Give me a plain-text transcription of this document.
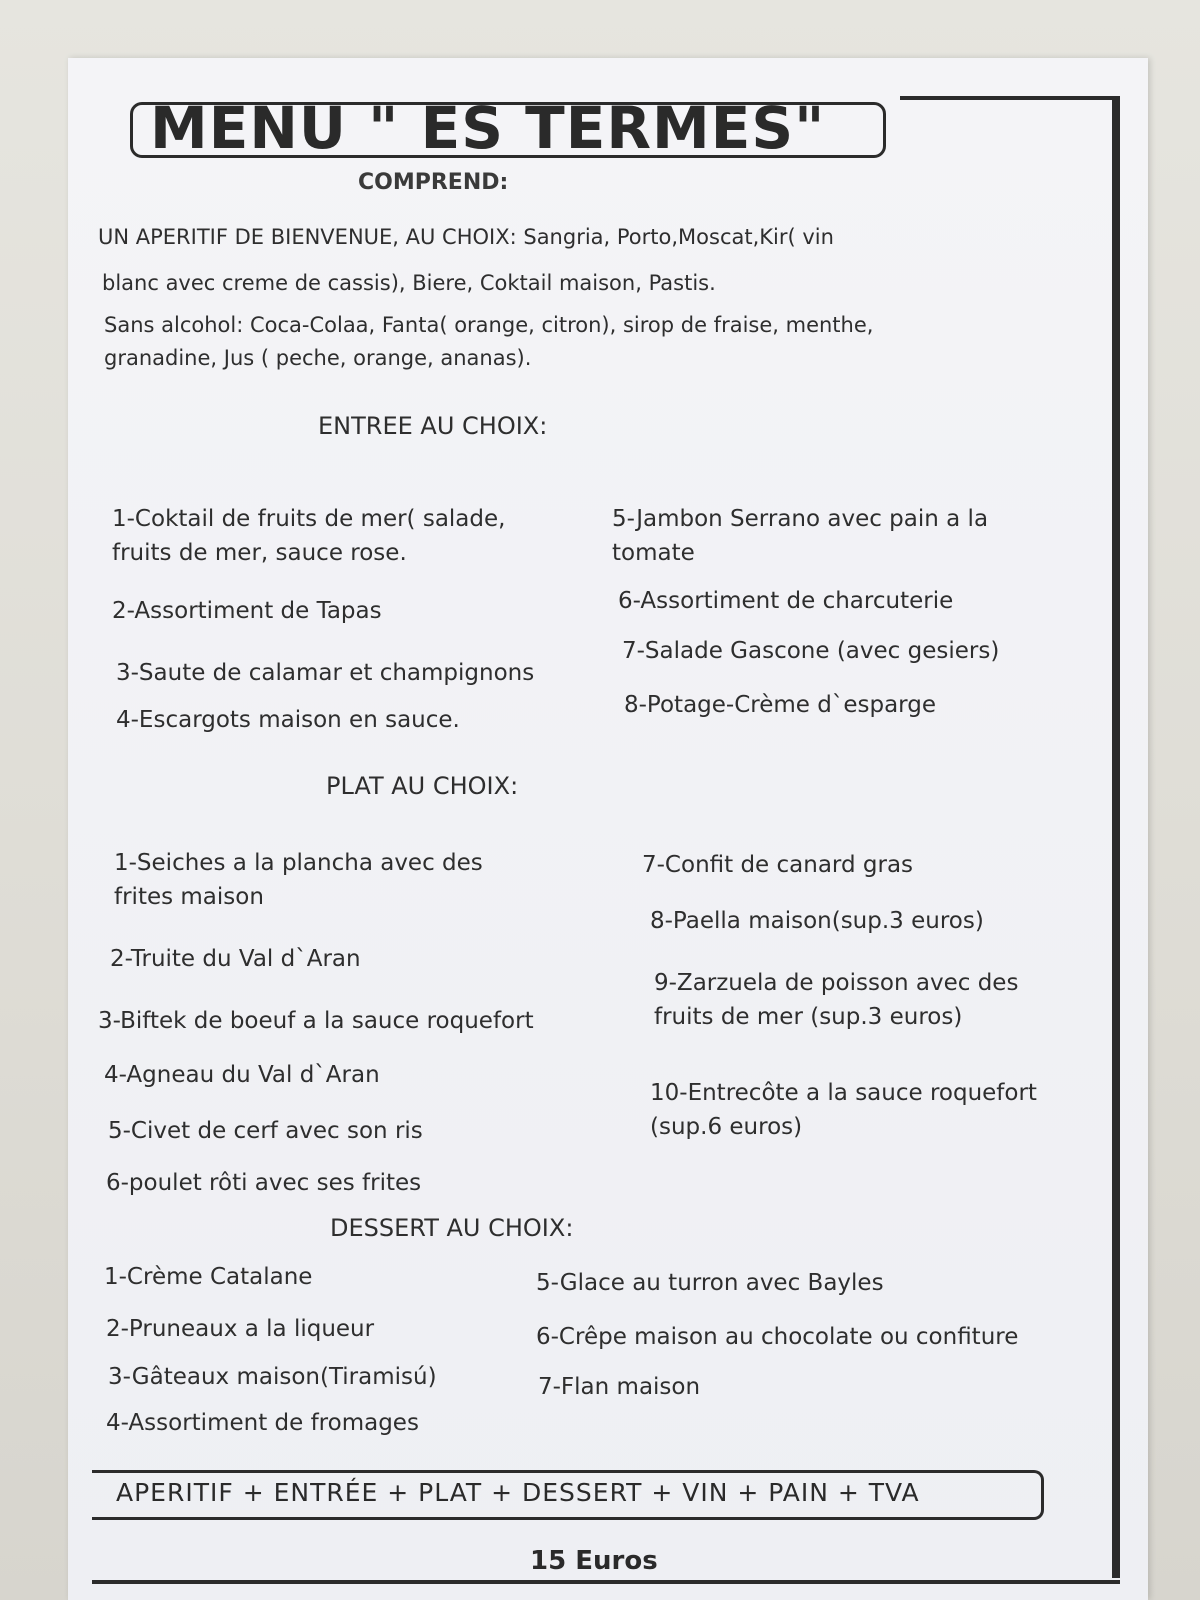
MENU " ES TERMES"
COMPREND:
UN APERITIF DE BIENVENUE, AU CHOIX: Sangria, Porto,Moscat,Kir( vin
blanc avec creme de cassis), Biere, Coktail maison, Pastis.
Sans alcohol: Coca-Colaa, Fanta( orange, citron), sirop de fraise, menthe,
granadine, Jus ( peche, orange, ananas).
ENTREE AU CHOIX:
1-Coktail de fruits de mer( salade,
fruits de mer, sauce rose.
2-Assortiment de Tapas
3-Saute de calamar et champignons
4-Escargots maison en sauce.
5-Jambon Serrano avec pain a la
tomate
6-Assortiment de charcuterie
7-Salade Gascone (avec gesiers)
8-Potage-Crème d`esparge
PLAT AU CHOIX:
1-Seiches a la plancha avec des
frites maison
2-Truite du Val d`Aran
3-Biftek de boeuf a la sauce roquefort
4-Agneau du Val d`Aran
5-Civet de cerf avec son ris
6-poulet rôti avec ses frites
7-Confit de canard gras
8-Paella maison(sup.3 euros)
9-Zarzuela de poisson avec des
fruits de mer (sup.3 euros)
10-Entrecôte a la sauce roquefort
(sup.6 euros)
DESSERT AU CHOIX:
1-Crème Catalane
2-Pruneaux a la liqueur
3-Gâteaux maison(Tiramisú)
4-Assortiment de fromages
5-Glace au turron avec Bayles
6-Crêpe maison au chocolate ou confiture
7-Flan maison
APERITIF + ENTRÉE + PLAT + DESSERT + VIN + PAIN + TVA
15 Euros
